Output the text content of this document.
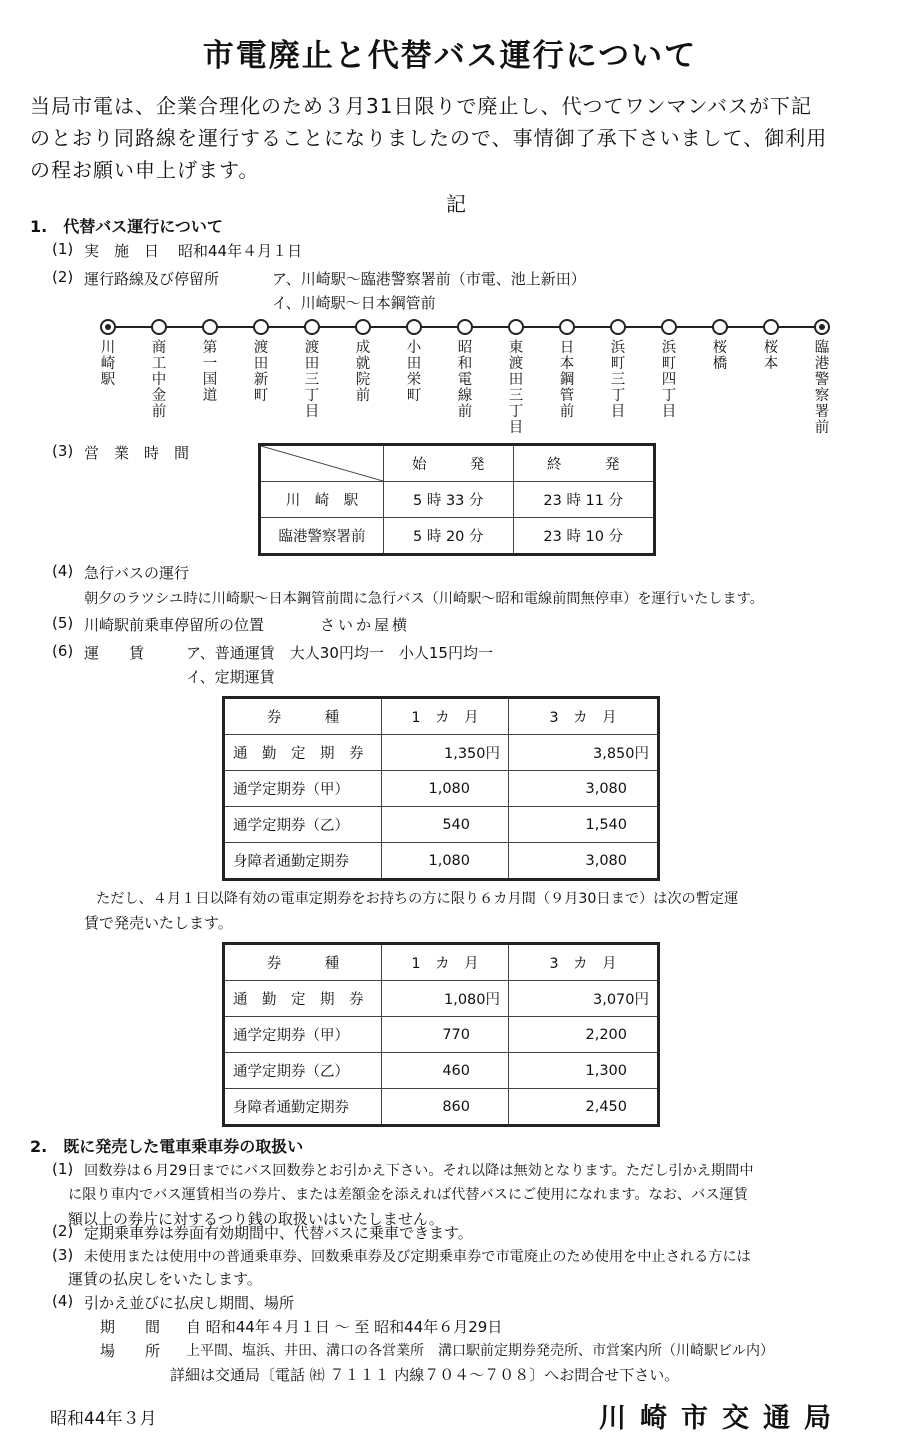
市電廃止と代替バス運行について
当局市電は、企業合理化のため３月31日限りで廃止し、代つてワンマンバスが下記
のとおり同路線を運行することになりましたので、事情御了承下さいまして、御利用
の程お願い申上げます。
記
1.　代替バス運行について
(1) 実　施　日 昭和44年４月１日
(2) 運行路線及び停留所	ア、川崎駅〜臨港警察署前（市電、池上新田）
イ、川崎駅〜日本鋼管前
川崎駅
商工中金前
第一国道
渡田新町
渡田三丁目
成就院前
小田栄町
昭和電線前
東渡田三丁目
日本鋼管前
浜町三丁目
浜町四丁目
桜橋
桜本
臨港警察署前
(3) 営　業　時　間
	始　　　発	終　　　発
川　崎　駅	5 時 33 分	23 時 11 分
臨港警察署前	5 時 20 分	23 時 10 分
(4) 急行バスの運行
朝夕のラツシユ時に川崎駅〜日本鋼管前間に急行バス（川崎駅〜昭和電線前間無停車）を運行いたします。
(5) 川崎駅前乗車停留所の位置	さいか屋横
(6) 運　　賃	ア、普通運賃　大人30円均一　小人15円均一
イ、定期運賃
券　　　種	1　カ　月	3　カ　月
通　勤　定　期　券	1,350円	3,850円
通学定期券（甲）	1,080	3,080
通学定期券（乙）	540	1,540
身障者通勤定期券	1,080	3,080
ただし、４月１日以降有効の電車定期券をお持ちの方に限り６カ月間（９月30日まで）は次の暫定運
賃で発売いたします。
券　　　種	1　カ　月	3　カ　月
通　勤　定　期　券	1,080円	3,070円
通学定期券（甲）	770	2,200
通学定期券（乙）	460	1,300
身障者通勤定期券	860	2,450
2.　既に発売した電車乗車券の取扱い
(1) 回数券は６月29日までにバス回数券とお引かえ下さい。それ以降は無効となります。ただし引かえ期間中
に限り車内でバス運賃相当の券片、または差額金を添えれば代替バスにご使用になれます。なお、バス運賃
額以上の券片に対するつり銭の取扱いはいたしません。
(2) 定期乗車券は券面有効期間中、代替バスに乗車できます。
(3) 未使用または使用中の普通乗車券、回数乗車券及び定期乗車券で市電廃止のため使用を中止される方には
運賃の払戻しをいたします。
(4) 引かえ並びに払戻し期間、場所
期　　間 自 昭和44年４月１日 〜 至 昭和44年６月29日
場　　所 上平間、塩浜、井田、溝口の各営業所　溝口駅前定期券発売所、市営案内所（川崎駅ビル内）
詳細は交通局〔電話 ㈳ ７１１１ 内線７０４〜７０８〕へお問合せ下さい。
昭和44年３月	川崎市交通局
